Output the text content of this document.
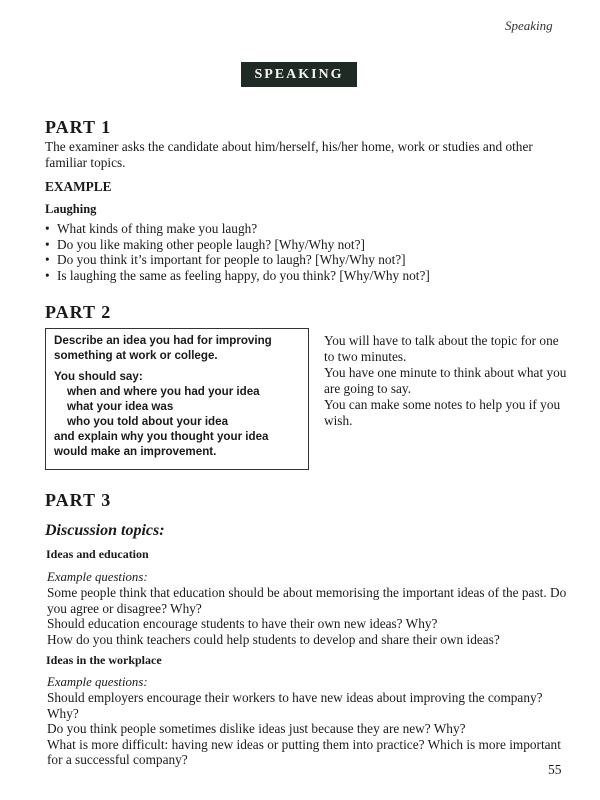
Speaking
SPEAKING
PART 1
The examiner asks the candidate about him/herself, his/her home, work or studies and other familiar topics.
EXAMPLE
Laughing
• What kinds of thing make you laugh?
• Do you like making other people laugh? [Why/Why not?]
• Do you think it’s important for people to laugh? [Why/Why not?]
• Is laughing the same as feeling happy, do you think? [Why/Why not?]
PART 2
Describe an idea you had for improving something at work or college.
You should say:
when and where you had your idea
what your idea was
who you told about your idea
and explain why you thought your idea would make an improvement.
You will have to talk about the topic for one to two minutes.
You have one minute to think about what you are going to say.
You can make some notes to help you if you wish.
PART 3
Discussion topics:
Ideas and education
Example questions:
Some people think that education should be about memorising the important ideas of the past. Do you agree or disagree? Why?
Should education encourage students to have their own new ideas? Why?
How do you think teachers could help students to develop and share their own ideas?
Ideas in the workplace
Example questions:
Should employers encourage their workers to have new ideas about improving the company? Why?
Do you think people sometimes dislike ideas just because they are new? Why?
What is more difficult: having new ideas or putting them into practice? Which is more important for a successful company?
55
